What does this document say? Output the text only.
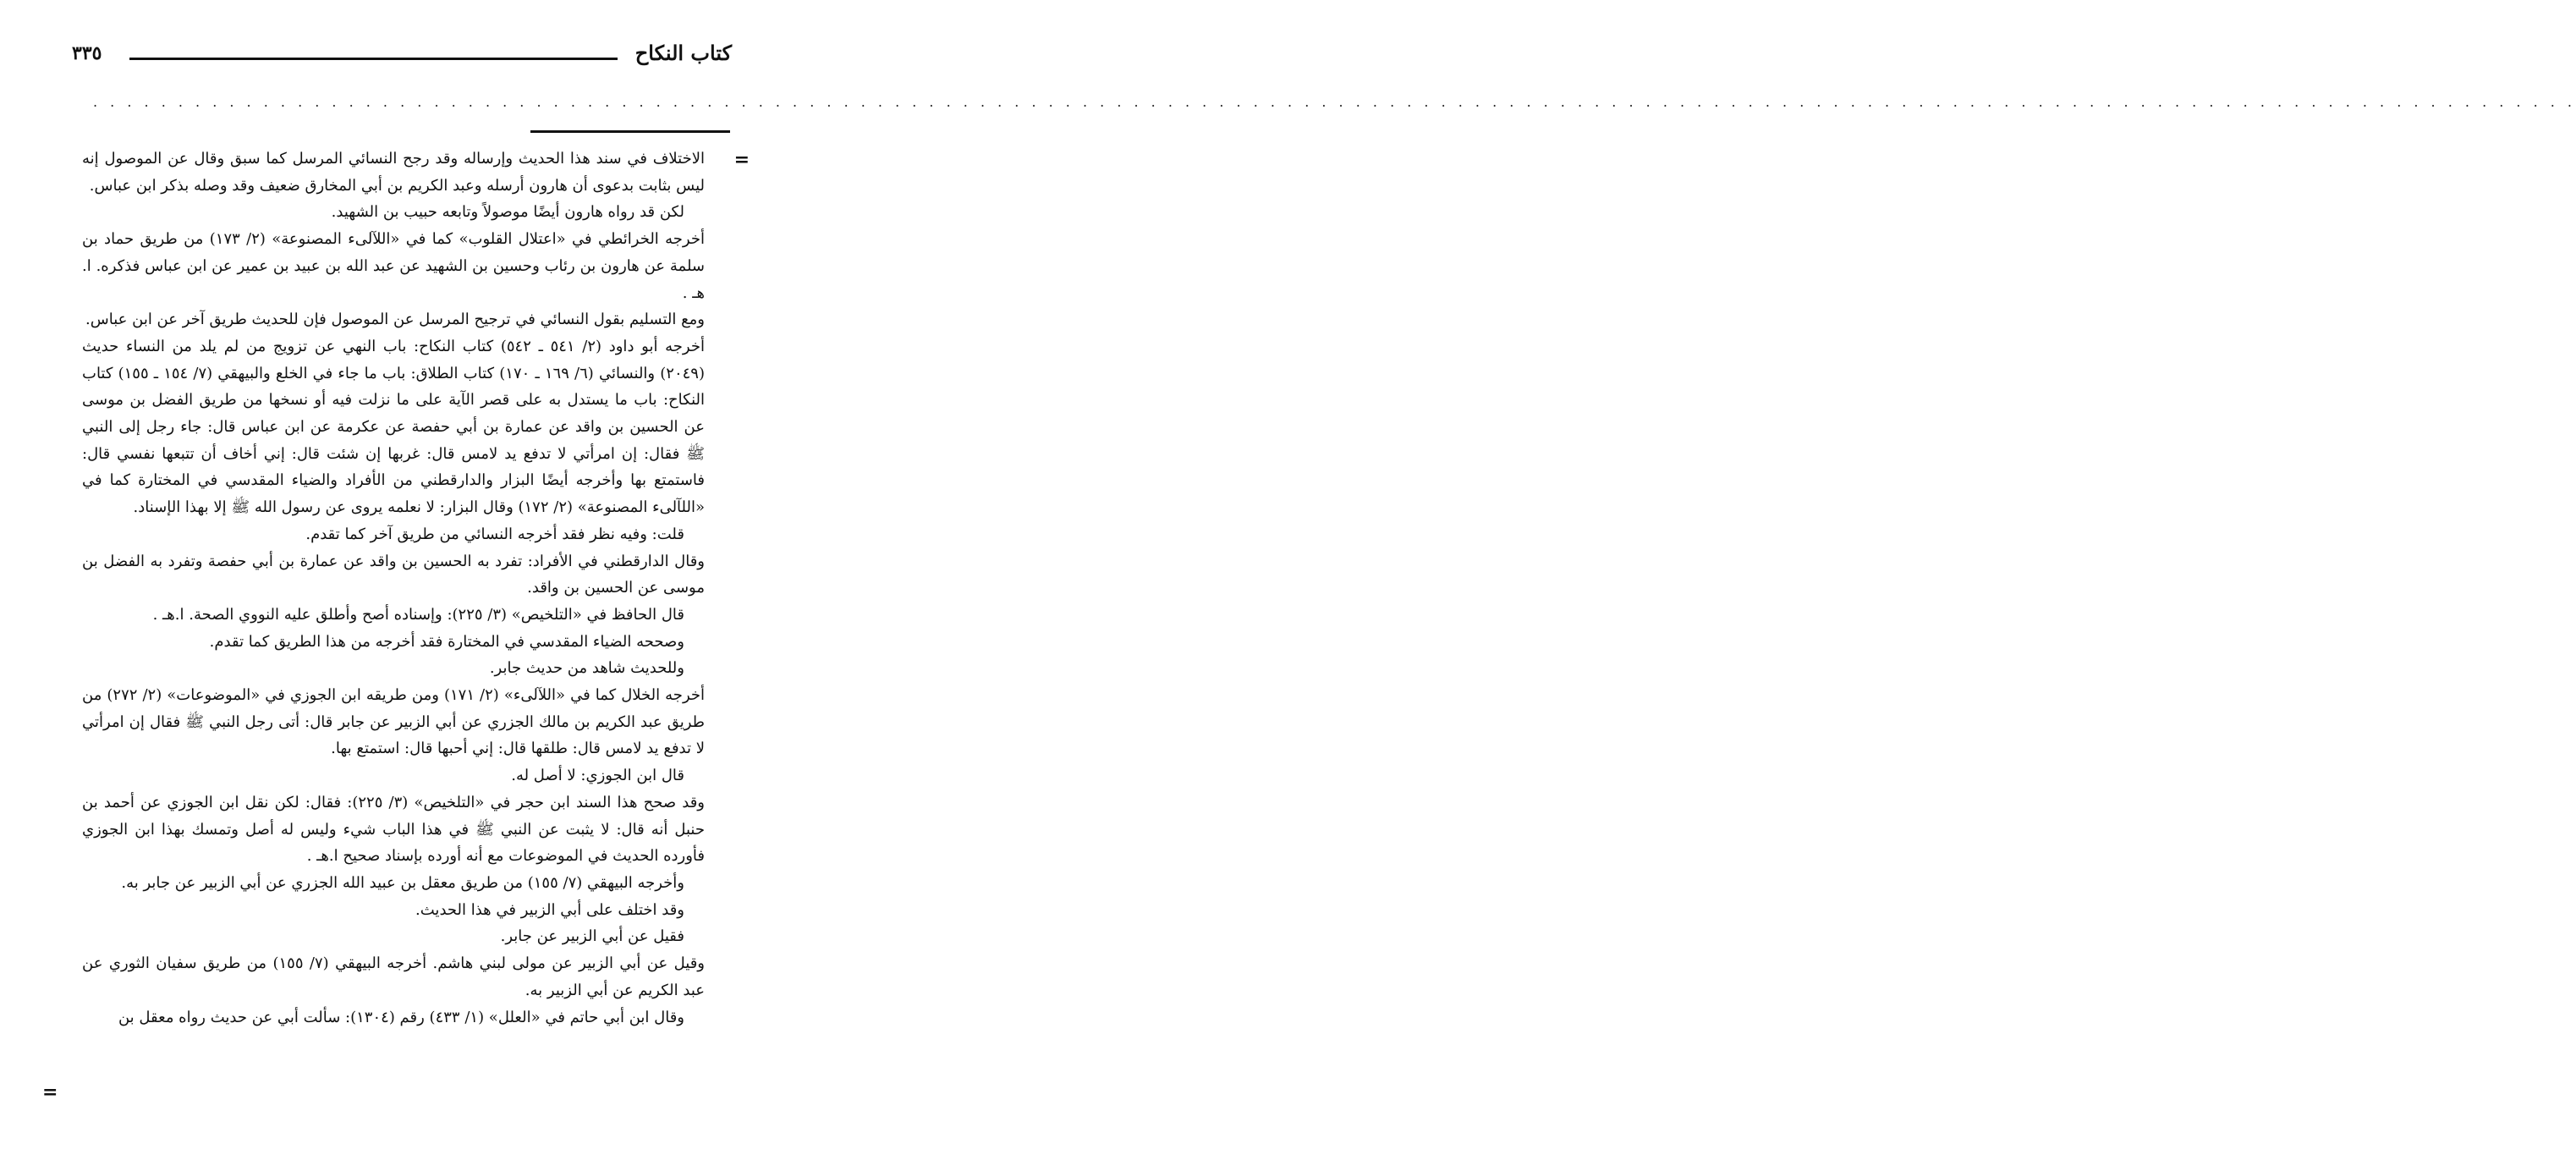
كتاب النكاح
٣٣٥
. . . . . . . . . . . . . . . . . . . . . . . . . . . . . . . . . . . . . . . . . . . . . . . . . . . . . . . . . . . . . . . . . . . . . . . . . . . . . . . . . . . . . . . . . . . . . . . . . . . . . . . . . . . . . . . . . . . . . . . . . . . . . . . . . . . . . . . . . . . . . . . . . .
=

الاختلاف في سند هذا الحديث وإرساله وقد رجح النسائي المرسل كما سبق وقال عن الموصول إنه ليس بثابت بدعوى أن هارون أرسله وعبد الكريم بن أبي المخارق ضعيف وقد وصله بذكر ابن عباس.

لكن قد رواه هارون أيضًا موصولاً وتابعه حبيب بن الشهيد.

أخرجه الخرائطي في «اعتلال القلوب» كما في «اللآلىء المصنوعة» (٢/ ١٧٣) من طريق حماد بن سلمة عن هارون بن رئاب وحسين بن الشهيد عن عبد الله بن عبيد بن عمير عن ابن عباس فذكره. ا. هـ .

ومع التسليم بقول النسائي في ترجيح المرسل عن الموصول فإن للحديث طريق آخر عن ابن عباس.

أخرجه أبو داود (٢/ ٥٤١ ـ ٥٤٢) كتاب النكاح: باب النهي عن تزويج من لم يلد من النساء حديث (٢٠٤٩) والنسائي (٦/ ١٦٩ ـ ١٧٠) كتاب الطلاق: باب ما جاء في الخلع والبيهقي (٧/ ١٥٤ ـ ١٥٥) كتاب النكاح: باب ما يستدل به على قصر الآية على ما نزلت فيه أو نسخها من طريق الفضل بن موسى عن الحسين بن واقد عن عمارة بن أبي حفصة عن عكرمة عن ابن عباس قال: جاء رجل إلى النبي ﷺ فقال: إن امرأتي لا تدفع يد لامس قال: غربها إن شئت قال: إني أخاف أن تتبعها نفسي قال: فاستمتع بها وأخرجه أيضًا البزار والدارقطني من الأفراد والضياء المقدسي في المختارة كما في «اللآلىء المصنوعة» (٢/ ١٧٢) وقال البزار: لا نعلمه يروى عن رسول الله ﷺ إلا بهذا الإسناد.

قلت: وفيه نظر فقد أخرجه النسائي من طريق آخر كما تقدم.

وقال الدارقطني في الأفراد: تفرد به الحسين بن واقد عن عمارة بن أبي حفصة وتفرد به الفضل بن موسى عن الحسين بن واقد.

قال الحافظ في «التلخيص» (٣/ ٢٢٥): وإسناده أصح وأطلق عليه النووي الصحة. ا.هـ .

وصححه الضياء المقدسي في المختارة فقد أخرجه من هذا الطريق كما تقدم.

وللحديث شاهد من حديث جابر.

أخرجه الخلال كما في «اللآلىء» (٢/ ١٧١) ومن طريقه ابن الجوزي في «الموضوعات» (٢/ ٢٧٢) من طريق عبد الكريم بن مالك الجزري عن أبي الزبير عن جابر قال: أتى رجل النبي ﷺ فقال إن امرأتي لا تدفع يد لامس قال: طلقها قال: إني أحبها قال: استمتع بها.

قال ابن الجوزي: لا أصل له.

وقد صحح هذا السند ابن حجر في «التلخيص» (٣/ ٢٢٥): فقال: لكن نقل ابن الجوزي عن أحمد بن حنبل أنه قال: لا يثبت عن النبي ﷺ في هذا الباب شيء وليس له أصل وتمسك بهذا ابن الجوزي فأورده الحديث في الموضوعات مع أنه أورده بإسناد صحيح ا.هـ .

وأخرجه البيهقي (٧/ ١٥٥) من طريق معقل بن عبيد الله الجزري عن أبي الزبير عن جابر به.

وقد اختلف على أبي الزبير في هذا الحديث.

فقيل عن أبي الزبير عن جابر.

وقيل عن أبي الزبير عن مولى لبني هاشم. أخرجه البيهقي (٧/ ١٥٥) من طريق سفيان الثوري عن عبد الكريم عن أبي الزبير به.

وقال ابن أبي حاتم في «العلل» (١/ ٤٣٣) رقم (١٣٠٤): سألت أبي عن حديث رواه معقل بن

=
